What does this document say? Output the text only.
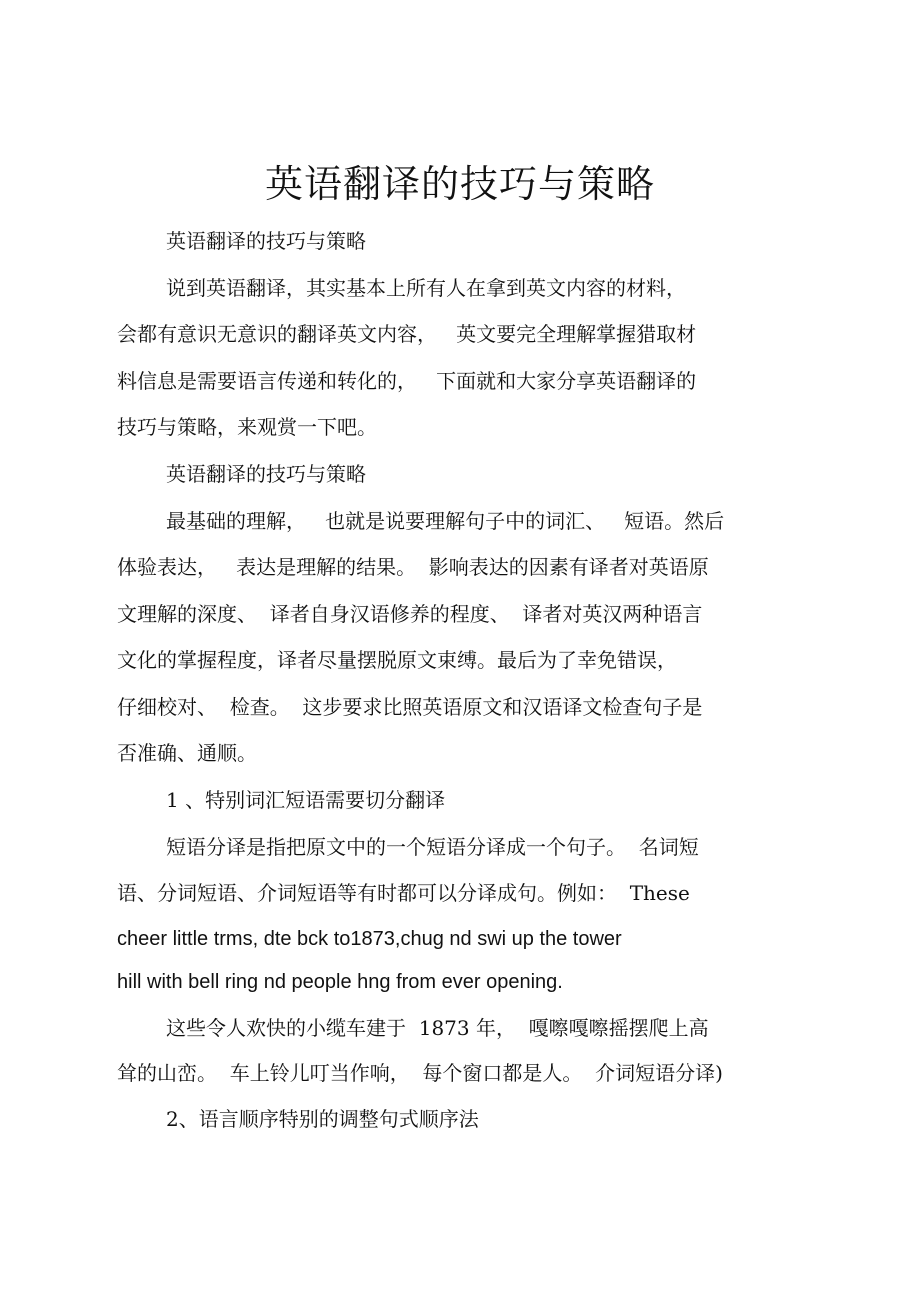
英语翻译的技巧与策略

英语翻译的技巧与策略

说到英语翻译，其实基本上所有人在拿到英文内容的材料，

会都有意识无意识的翻译英文内容，   英文要完全理解掌握猎取材

料信息是需要语言传递和转化的，   下面就和大家分享英语翻译的

技巧与策略，来观赏一下吧。

英语翻译的技巧与策略

最基础的理解，   也就是说要理解句子中的词汇、   短语。然后

体验表达，   表达是理解的结果。  影响表达的因素有译者对英语原

文理解的深度、  译者自身汉语修养的程度、  译者对英汉两种语言

文化的掌握程度，译者尽量摆脱原文束缚。最后为了幸免错误，

仔细校对、  检查。  这步要求比照英语原文和汉语译文检查句子是

否准确、通顺。

1 、特别词汇短语需要切分翻译

短语分译是指把原文中的一个短语分译成一个句子。  名词短

语、分词短语、介词短语等有时都可以分译成句。例如：  These

cheer little trms, dte bck to1873,chug nd swi up the tower

hill with bell ring nd people hng from ever opening.

这些令人欢快的小缆车建于  1873 年，  嘎嚓嘎嚓摇摆爬上高

耸的山峦。  车上铃儿叮当作响，  每个窗口都是人。  介词短语分译)

2、语言顺序特别的调整句式顺序法
